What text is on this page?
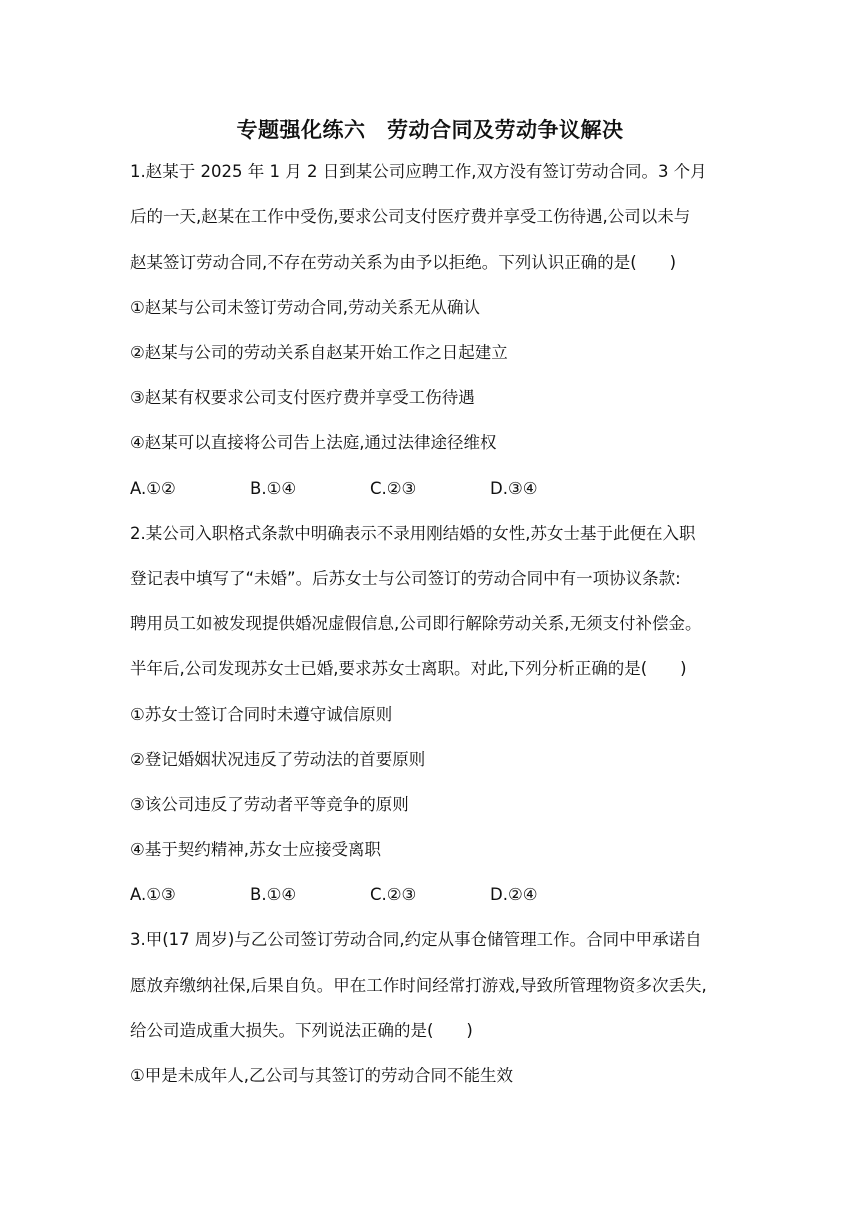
专题强化练六　劳动合同及劳动争议解决
1.赵某于 2025 年 1 月 2 日到某公司应聘工作,双方没有签订劳动合同。3 个月
后的一天,赵某在工作中受伤,要求公司支付医疗费并享受工伤待遇,公司以未与
赵某签订劳动合同,不存在劳动关系为由予以拒绝。下列认识正确的是(　　)
①赵某与公司未签订劳动合同,劳动关系无从确认
②赵某与公司的劳动关系自赵某开始工作之日起建立
③赵某有权要求公司支付医疗费并享受工伤待遇
④赵某可以直接将公司告上法庭,通过法律途径维权
A.①②	B.①④	C.②③	D.③④
2.某公司入职格式条款中明确表示不录用刚结婚的女性,苏女士基于此便在入职
登记表中填写了“未婚”。后苏女士与公司签订的劳动合同中有一项协议条款:
聘用员工如被发现提供婚况虚假信息,公司即行解除劳动关系,无须支付补偿金。
半年后,公司发现苏女士已婚,要求苏女士离职。对此,下列分析正确的是(　　)
①苏女士签订合同时未遵守诚信原则
②登记婚姻状况违反了劳动法的首要原则
③该公司违反了劳动者平等竞争的原则
④基于契约精神,苏女士应接受离职
A.①③	B.①④	C.②③	D.②④
3.甲(17 周岁)与乙公司签订劳动合同,约定从事仓储管理工作。合同中甲承诺自
愿放弃缴纳社保,后果自负。甲在工作时间经常打游戏,导致所管理物资多次丢失,
给公司造成重大损失。下列说法正确的是(　　)
①甲是未成年人,乙公司与其签订的劳动合同不能生效
